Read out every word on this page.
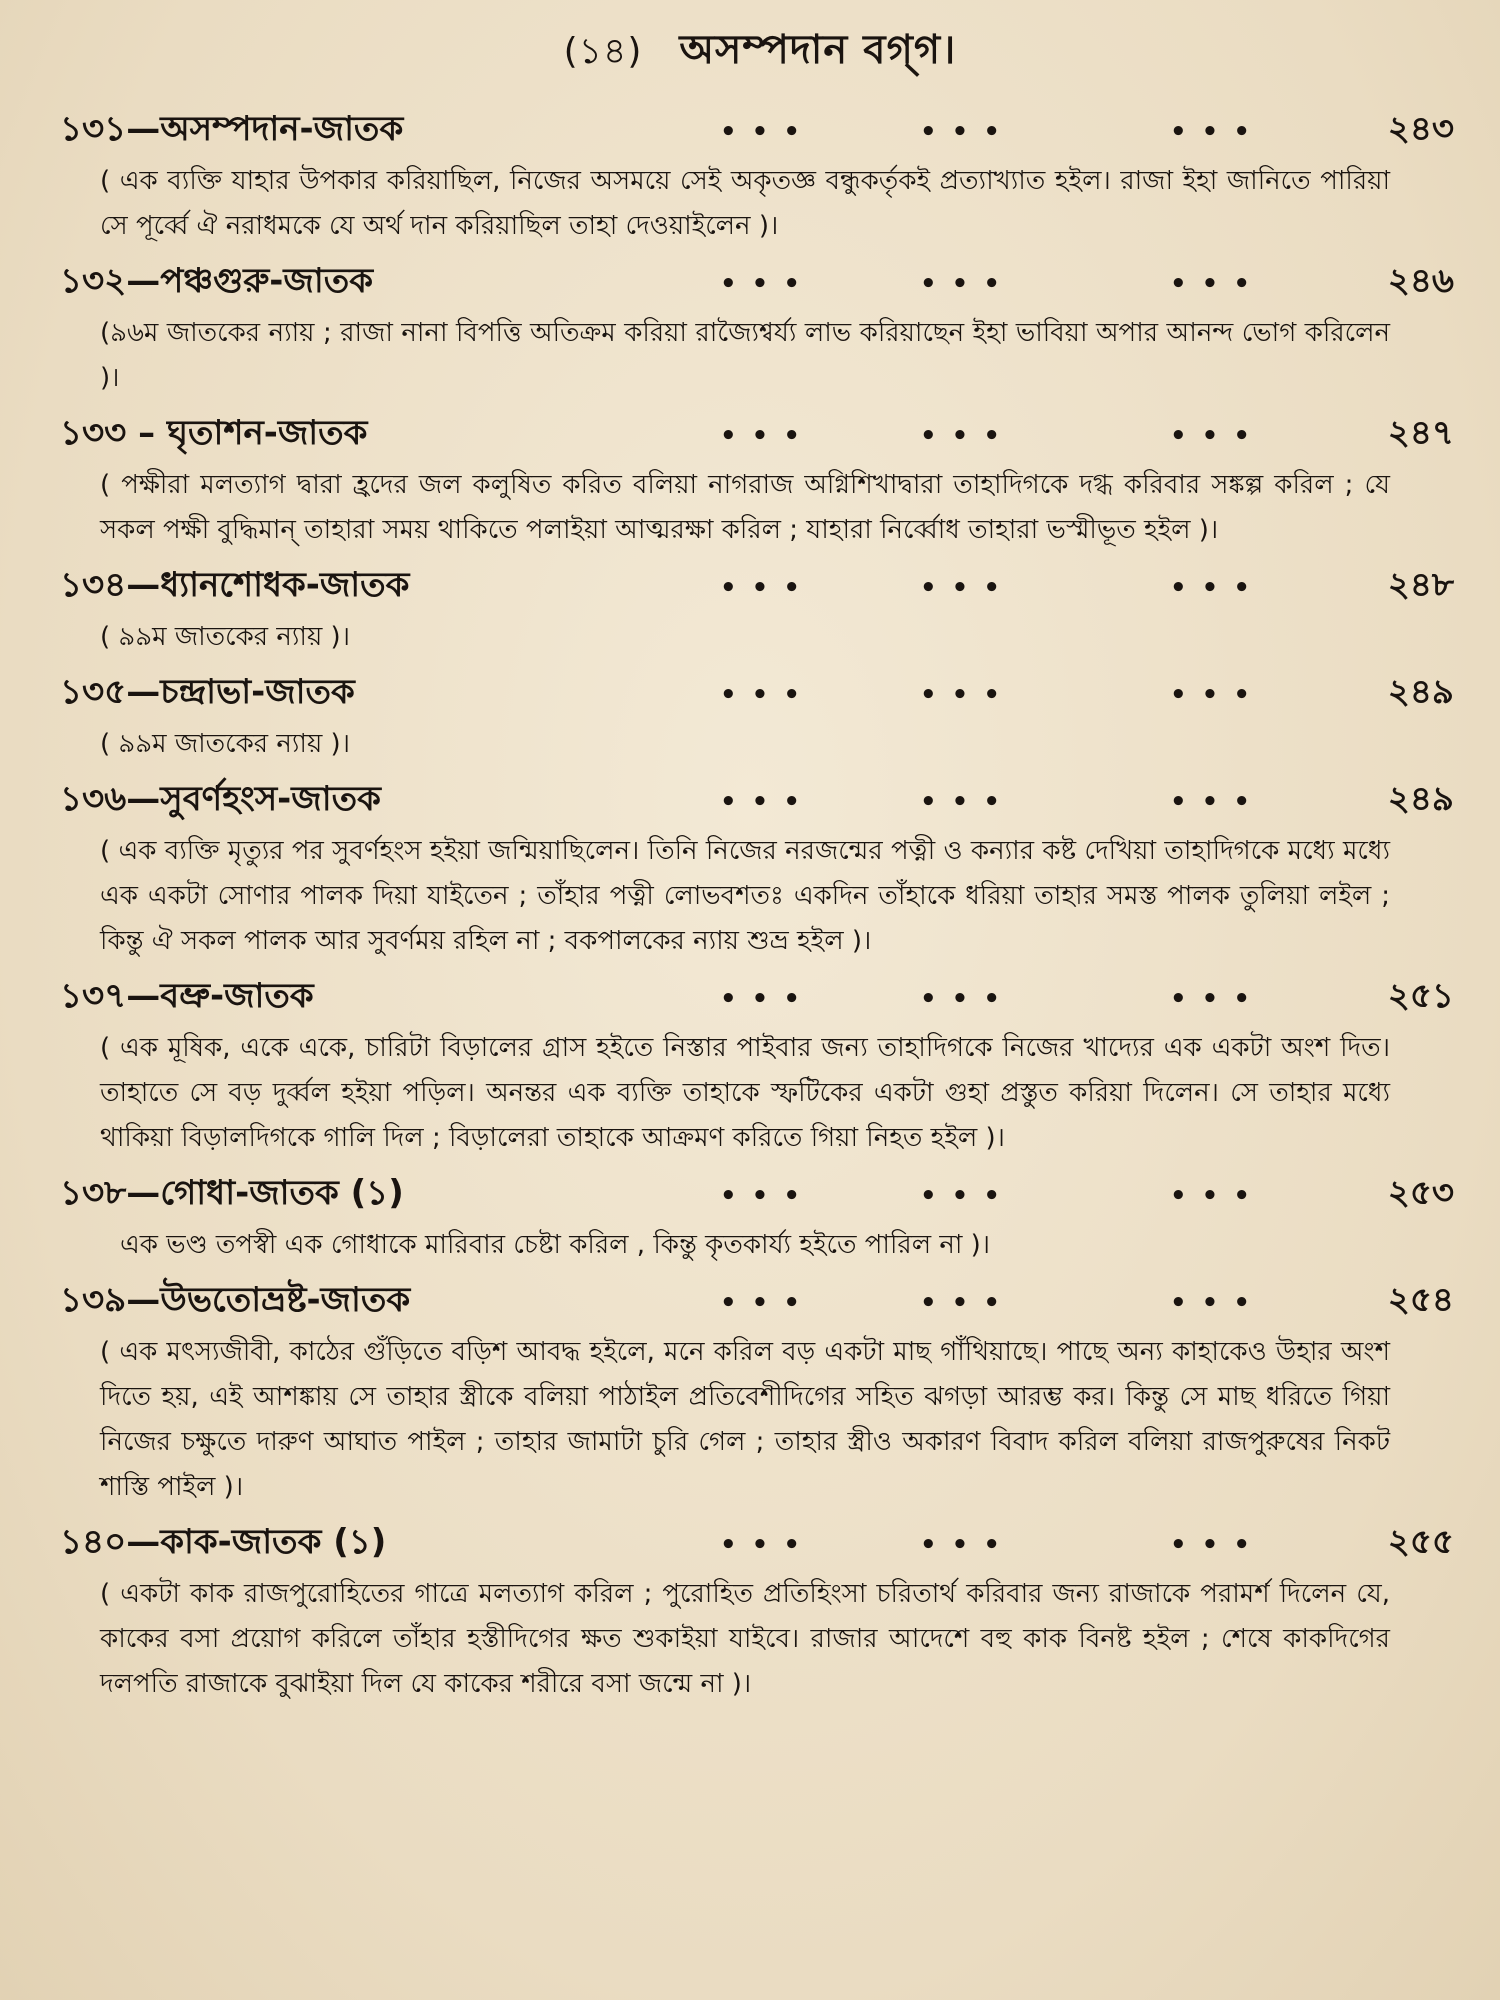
(১৪) অসম্পদান বগ্‌গ।
১৩১—অসম্পদান-জাতক	• • •	• • •	• • •	২৪৩
( এক ব্যক্তি যাহার উপকার করিয়াছিল, নিজের অসময়ে সেই অকৃতজ্ঞ বন্ধুকর্তৃকই প্রত্যাখ্যাত হইল। রাজা ইহা জানিতে পারিয়া সে পূর্ব্বে ঐ নরাধমকে যে অর্থ দান করিয়াছিল তাহা দেওয়াইলেন )।
১৩২—পঞ্চগুরু-জাতক	• • •	• • •	• • •	২৪৬
(৯৬ম জাতকের ন্যায় ; রাজা নানা বিপত্তি অতিক্রম করিয়া রাজ্যৈশ্বর্য্য লাভ করিয়াছেন ইহা ভাবিয়া অপার আনন্দ ভোগ করিলেন )।
১৩৩ – ঘৃতাশন-জাতক	• • •	• • •	• • •	২৪৭
( পক্ষীরা মলত্যাগ দ্বারা হ্রদের জল কলুষিত করিত বলিয়া নাগরাজ অগ্নিশিখাদ্বারা তাহাদিগকে দগ্ধ করিবার সঙ্কল্প করিল ; যে সকল পক্ষী বুদ্ধিমান্ তাহারা সময় থাকিতে পলাইয়া আত্মরক্ষা করিল ; যাহারা নির্ব্বোধ তাহারা ভস্মীভূত হইল )।
১৩৪—ধ্যানশোধক-জাতক	• • •	• • •	• • •	২৪৮
( ৯৯ম জাতকের ন্যায় )।
১৩৫—চন্দ্রাভা-জাতক	• • •	• • •	• • •	২৪৯
( ৯৯ম জাতকের ন্যায় )।
১৩৬—সুবর্ণহংস-জাতক	• • •	• • •	• • •	২৪৯
( এক ব্যক্তি মৃত্যুর পর সুবর্ণহংস হইয়া জন্মিয়াছিলেন। তিনি নিজের নরজন্মের পত্নী ও কন্যার কষ্ট দেখিয়া তাহাদিগকে মধ্যে মধ্যে এক একটা সোণার পালক দিয়া যাইতেন ; তাঁহার পত্নী লোভবশতঃ একদিন তাঁহাকে ধরিয়া তাহার সমস্ত পালক তুলিয়া লইল ; কিন্তু ঐ সকল পালক আর সুবর্ণময় রহিল না ; বকপালকের ন্যায় শুভ্র হইল )।
১৩৭—বভ্রু-জাতক	• • •	• • •	• • •	২৫১
( এক মূষিক, একে একে, চারিটা বিড়ালের গ্রাস হইতে নিস্তার পাইবার জন্য তাহাদিগকে নিজের খাদ্যের এক একটা অংশ দিত। তাহাতে সে বড় দুর্ব্বল হইয়া পড়িল। অনন্তর এক ব্যক্তি তাহাকে স্ফটিকের একটা গুহা প্রস্তুত করিয়া দিলেন। সে তাহার মধ্যে থাকিয়া বিড়ালদিগকে গালি দিল ; বিড়ালেরা তাহাকে আক্রমণ করিতে গিয়া নিহত হইল )।
১৩৮—গোধা-জাতক (১)	• • •	• • •	• • •	২৫৩
এক ভণ্ড তপস্বী এক গোধাকে মারিবার চেষ্টা করিল , কিন্তু কৃতকার্য্য হইতে পারিল না )।
১৩৯—উভতোভ্রষ্ট-জাতক	• • •	• • •	• • •	২৫৪
( এক মৎস্যজীবী, কাঠের গুঁড়িতে বড়িশ আবদ্ধ হইলে, মনে করিল বড় একটা মাছ গাঁথিয়াছে। পাছে অন্য কাহাকেও উহার অংশ দিতে হয়, এই আশঙ্কায় সে তাহার স্ত্রীকে বলিয়া পাঠাইল প্রতিবেশীদিগের সহিত ঝগড়া আরম্ভ কর। কিন্তু সে মাছ ধরিতে গিয়া নিজের চক্ষুতে দারুণ আঘাত পাইল ; তাহার জামাটা চুরি গেল ; তাহার স্ত্রীও অকারণ বিবাদ করিল বলিয়া রাজপুরুষের নিকট শাস্তি পাইল )।
১৪০—কাক-জাতক (১)	• • •	• • •	• • •	২৫৫
( একটা কাক রাজপুরোহিতের গাত্রে মলত্যাগ করিল ; পুরোহিত প্রতিহিংসা চরিতার্থ করিবার জন্য রাজাকে পরামর্শ দিলেন যে, কাকের বসা প্রয়োগ করিলে তাঁহার হস্তীদিগের ক্ষত শুকাইয়া যাইবে। রাজার আদেশে বহু কাক বিনষ্ট হইল ; শেষে কাকদিগের দলপতি রাজাকে বুঝাইয়া দিল যে কাকের শরীরে বসা জন্মে না )।
